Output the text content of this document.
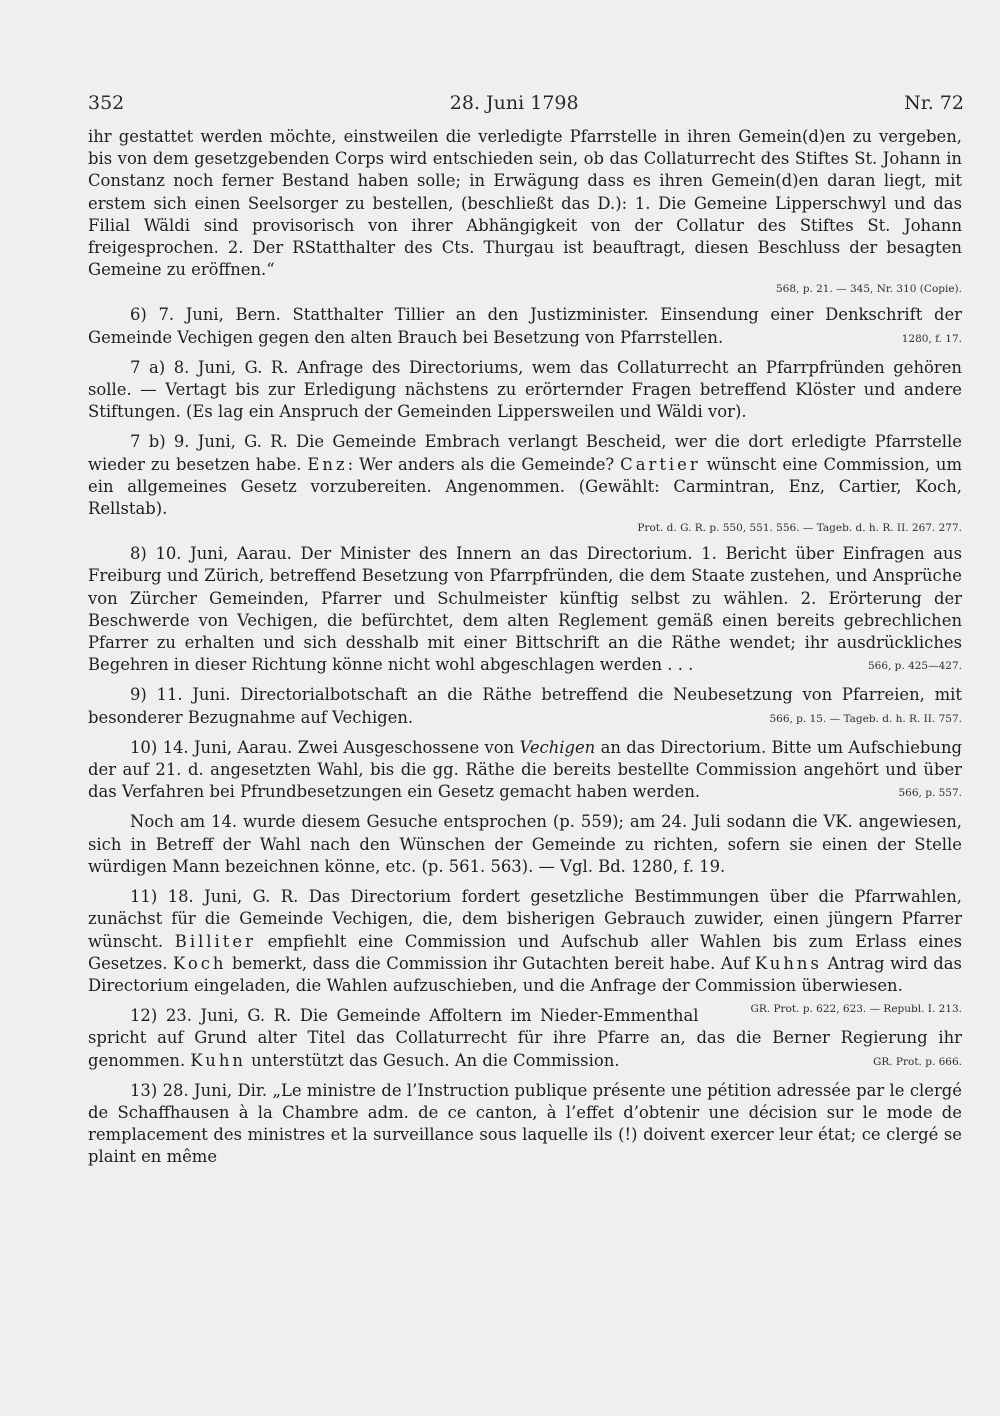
352	28. Juni 1798	Nr. 72

ihr gestattet werden möchte, einstweilen die verledigte Pfarrstelle in ihren Gemein(d)en zu vergeben, bis von dem gesetzgebenden Corps wird entschieden sein, ob das Collaturrecht des Stiftes St. Johann in Constanz noch ferner Bestand haben solle; in Erwägung dass es ihren Gemein(d)en daran liegt, mit erstem sich einen Seelsorger zu bestellen, (beschließt das D.): 1. Die Gemeine Lipperschwyl und das Filial Wäldi sind provisorisch von ihrer Abhängigkeit von der Collatur des Stiftes St. Johann freigesprochen. 2. Der RStatthalter des Cts. Thurgau ist beauftragt, diesen Beschluss der besagten Gemeine zu eröffnen.“

568, p. 21. — 345, Nr. 310 (Copie).

6) 7. Juni, Bern. Statthalter Tillier an den Justizminister. Einsendung einer Denkschrift der Gemeinde Vechigen gegen den alten Brauch bei Besetzung von Pfarrstellen.	1280, f. 17.

7 a) 8. Juni, G. R. Anfrage des Directoriums, wem das Collaturrecht an Pfarrpfründen gehören solle. — Vertagt bis zur Erledigung nächstens zu erörternder Fragen betreffend Klöster und andere Stiftungen. (Es lag ein Anspruch der Gemeinden Lippersweilen und Wäldi vor).

7 b) 9. Juni, G. R. Die Gemeinde Embrach verlangt Bescheid, wer die dort erledigte Pfarrstelle wieder zu besetzen habe. Enz: Wer anders als die Gemeinde? Cartier wünscht eine Commission, um ein allgemeines Gesetz vorzubereiten. Angenommen. (Gewählt: Carmintran, Enz, Cartier, Koch, Rellstab).

Prot. d. G. R. p. 550, 551. 556. — Tageb. d. h. R. II. 267. 277.

8) 10. Juni, Aarau. Der Minister des Innern an das Directorium. 1. Bericht über Einfragen aus Freiburg und Zürich, betreffend Besetzung von Pfarrpfründen, die dem Staate zustehen, und Ansprüche von Zürcher Gemeinden, Pfarrer und Schulmeister künftig selbst zu wählen. 2. Erörterung der Beschwerde von Vechigen, die befürchtet, dem alten Reglement gemäß einen bereits gebrechlichen Pfarrer zu erhalten und sich desshalb mit einer Bittschrift an die Räthe wendet; ihr ausdrückliches Begehren in dieser Richtung könne nicht wohl abgeschlagen werden . . .	566, p. 425—427.

9) 11. Juni. Directorialbotschaft an die Räthe betreffend die Neubesetzung von Pfarreien, mit besonderer Bezugnahme auf Vechigen.	566, p. 15. — Tageb. d. h. R. II. 757.

10) 14. Juni, Aarau. Zwei Ausgeschossene von Vechigen an das Directorium. Bitte um Aufschiebung der auf 21. d. angesetzten Wahl, bis die gg. Räthe die bereits bestellte Commission angehört und über das Verfahren bei Pfrundbesetzungen ein Gesetz gemacht haben werden.	566, p. 557.

Noch am 14. wurde diesem Gesuche entsprochen (p. 559); am 24. Juli sodann die VK. angewiesen, sich in Betreff der Wahl nach den Wünschen der Gemeinde zu richten, sofern sie einen der Stelle würdigen Mann bezeichnen könne, etc. (p. 561. 563). — Vgl. Bd. 1280, f. 19.

11) 18. Juni, G. R. Das Directorium fordert gesetzliche Bestimmungen über die Pfarrwahlen, zunächst für die Gemeinde Vechigen, die, dem bisherigen Gebrauch zuwider, einen jüngern Pfarrer wünscht. Billiter empfiehlt eine Commission und Aufschub aller Wahlen bis zum Erlass eines Gesetzes. Koch bemerkt, dass die Commission ihr Gutachten bereit habe. Auf Kuhns Antrag wird das Directorium eingeladen, die Wahlen aufzuschieben, und die Anfrage der Commission überwiesen.
GR. Prot. p. 622, 623. — Republ. I. 213.

12) 23. Juni, G. R. Die Gemeinde Affoltern im Nieder-Emmenthal spricht auf Grund alter Titel das Collaturrecht für ihre Pfarre an, das die Berner Regierung ihr genommen. Kuhn unterstützt das Gesuch. An die Commission.	GR. Prot. p. 666.

13) 28. Juni, Dir. „Le ministre de l’Instruction publique présente une pétition adressée par le clergé de Schaffhausen à la Chambre adm. de ce canton, à l’effet d’obtenir une décision sur le mode de remplacement des ministres et la surveillance sous laquelle ils (!) doivent exercer leur état; ce clergé se plaint en même
